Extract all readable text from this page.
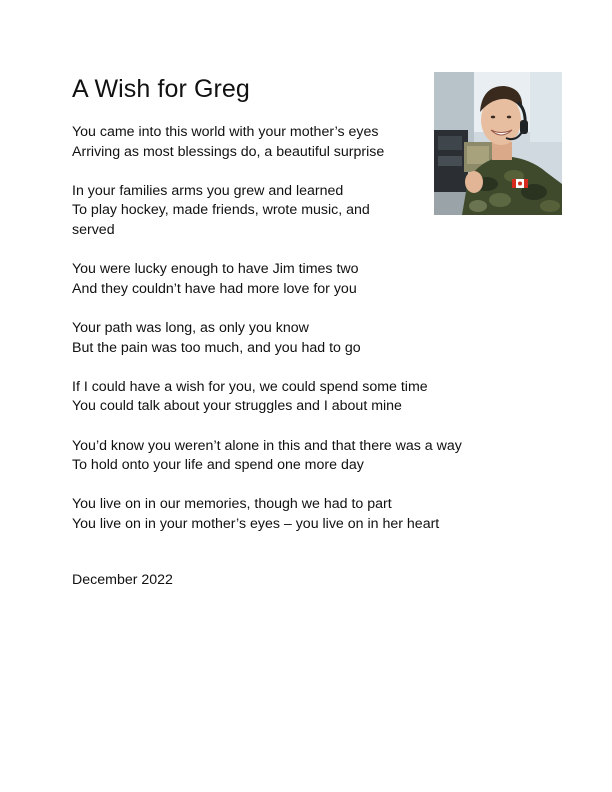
A Wish for Greg

You came into this world with your mother’s eyes
Arriving as most blessings do, a beautiful surprise

In your families arms you grew and learned
To play hockey, made friends, wrote music, and
served

You were lucky enough to have Jim times two
And they couldn’t have had more love for you

Your path was long, as only you know
But the pain was too much, and you had to go

If I could have a wish for you, we could spend some time
You could talk about your struggles and I about mine

You’d know you weren’t alone in this and that there was a way
To hold onto your life and spend one more day

You live on in our memories, though we had to part
You live on in your mother’s eyes – you live on in her heart

December 2022
